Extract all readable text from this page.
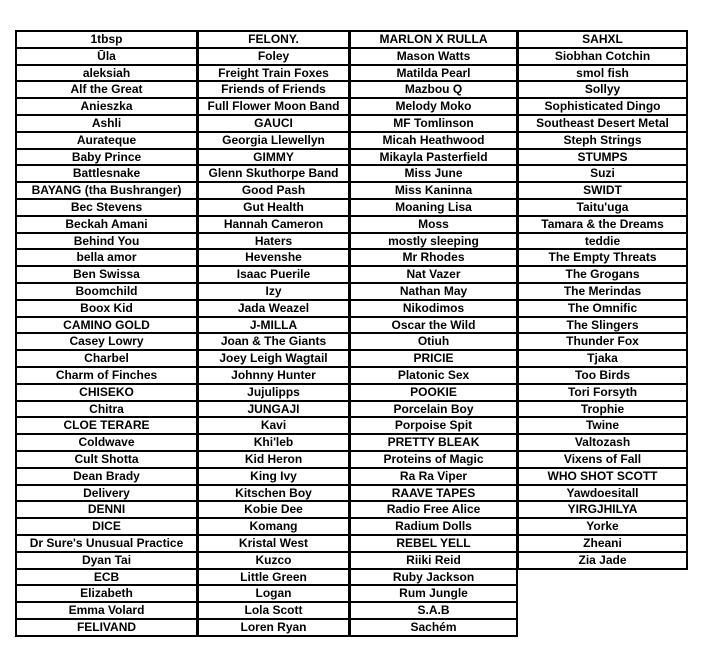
1tbsp
Ūla
aleksiah
Alf the Great
Anieszka
Ashli
Aurateque
Baby Prince
Battlesnake
BAYANG (tha Bushranger)
Bec Stevens
Beckah Amani
Behind You
bella amor
Ben Swissa
Boomchild
Boox Kid
CAMINO GOLD
Casey Lowry
Charbel
Charm of Finches
CHISEKO
Chitra
CLOE TERARE
Coldwave
Cult Shotta
Dean Brady
Delivery
DENNI
DICE
Dr Sure's Unusual Practice
Dyan Tai
ECB
Elizabeth
Emma Volard
FELIVAND
FELONY.
Foley
Freight Train Foxes
Friends of Friends
Full Flower Moon Band
GAUCI
Georgia Llewellyn
GIMMY
Glenn Skuthorpe Band
Good Pash
Gut Health
Hannah Cameron
Haters
Hevenshe
Isaac Puerile
Izy
Jada Weazel
J-MILLA
Joan & The Giants
Joey Leigh Wagtail
Johnny Hunter
Jujulipps
JUNGAJI
Kavi
Khi'leb
Kid Heron
King Ivy
Kitschen Boy
Kobie Dee
Komang
Kristal West
Kuzco
Little Green
Logan
Lola Scott
Loren Ryan
MARLON X RULLA
Mason Watts
Matilda Pearl
Mazbou Q
Melody Moko
MF Tomlinson
Micah Heathwood
Mikayla Pasterfield
Miss June
Miss Kaninna
Moaning Lisa
Moss
mostly sleeping
Mr Rhodes
Nat Vazer
Nathan May
Nikodimos
Oscar the Wild
Otiuh
PRICIE
Platonic Sex
POOKIE
Porcelain Boy
Porpoise Spit
PRETTY BLEAK
Proteins of Magic
Ra Ra Viper
RAAVE TAPES
Radio Free Alice
Radium Dolls
REBEL YELL
Riiki Reid
Ruby Jackson
Rum Jungle
S.A.B
Sachém
SAHXL
Siobhan Cotchin
smol fish
Sollyy
Sophisticated Dingo
Southeast Desert Metal
Steph Strings
STUMPS
Suzi
SWIDT
Taitu'uga
Tamara & the Dreams
teddie
The Empty Threats
The Grogans
The Merindas
The Omnific
The Slingers
Thunder Fox
Tjaka
Too Birds
Tori Forsyth
Trophie
Twine
Valtozash
Vixens of Fall
WHO SHOT SCOTT
Yawdoesitall
YIRGJHILYA
Yorke
Zheani
Zia Jade
